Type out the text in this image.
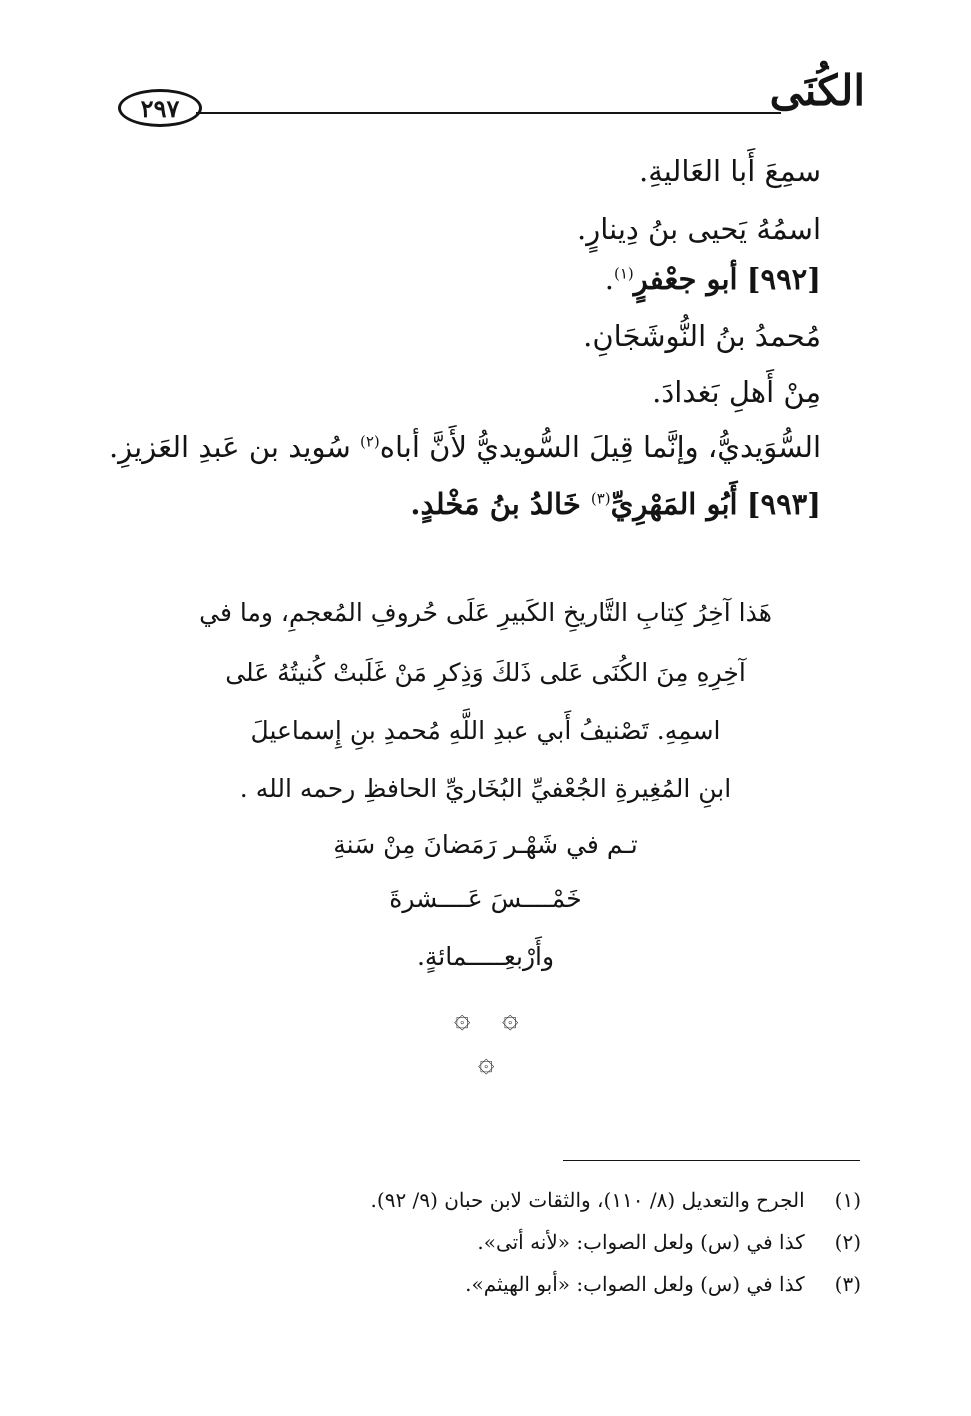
الكُنَى
٢٩٧
سمِعَ أَبا العَاليةِ.
اسمُهُ يَحيى بنُ دِينارٍ.
[٩٩٢] أبو جعْفرٍ$^{(١)}$.
مُحمدُ بنُ النُّوشَجَانِ.
مِنْ أَهلِ بَغدادَ.
السُّوَيديُّ، وإنَّما قِيلَ السُّويديُّ لأَنَّ أباه$^{(٢)}$ سُويد بن عَبدِ العَزيزِ.
[٩٩٣] أَبُو المَهْرِيِّ$^{(٣)}$ خَالدُ بنُ مَخْلدٍ.
هَذا آخِرُ كِتابِ التَّاريخِ الكَبيرِ عَلَى حُروفِ المُعجمِ، وما في
آخِرِهِ مِنَ الكُنَى عَلى ذَلكَ وَذِكرِ مَنْ غَلَبتْ كُنيتُهُ عَلى
اسمِهِ. تَصْنيفُ أَبي عبدِ اللَّهِ مُحمدِ بنِ إِسماعيلَ
ابنِ المُغِيرةِ الجُعْفيِّ البُخَاريِّ الحافظِ رحمه الله .
تـم في شَهْـر رَمَضانَ مِنْ سَنةِ
خَمْــــسَ عَــــشرةَ
وأَرْبعِـــــمائةٍ.
۞
۞
۞
(١) الجرح والتعديل (٨/ ١١٠)، والثقات لابن حبان (٩/ ٩٢).
(٢) كذا في (س) ولعل الصواب: «لأنه أتى».
(٣) كذا في (س) ولعل الصواب: «أبو الهيثم».
